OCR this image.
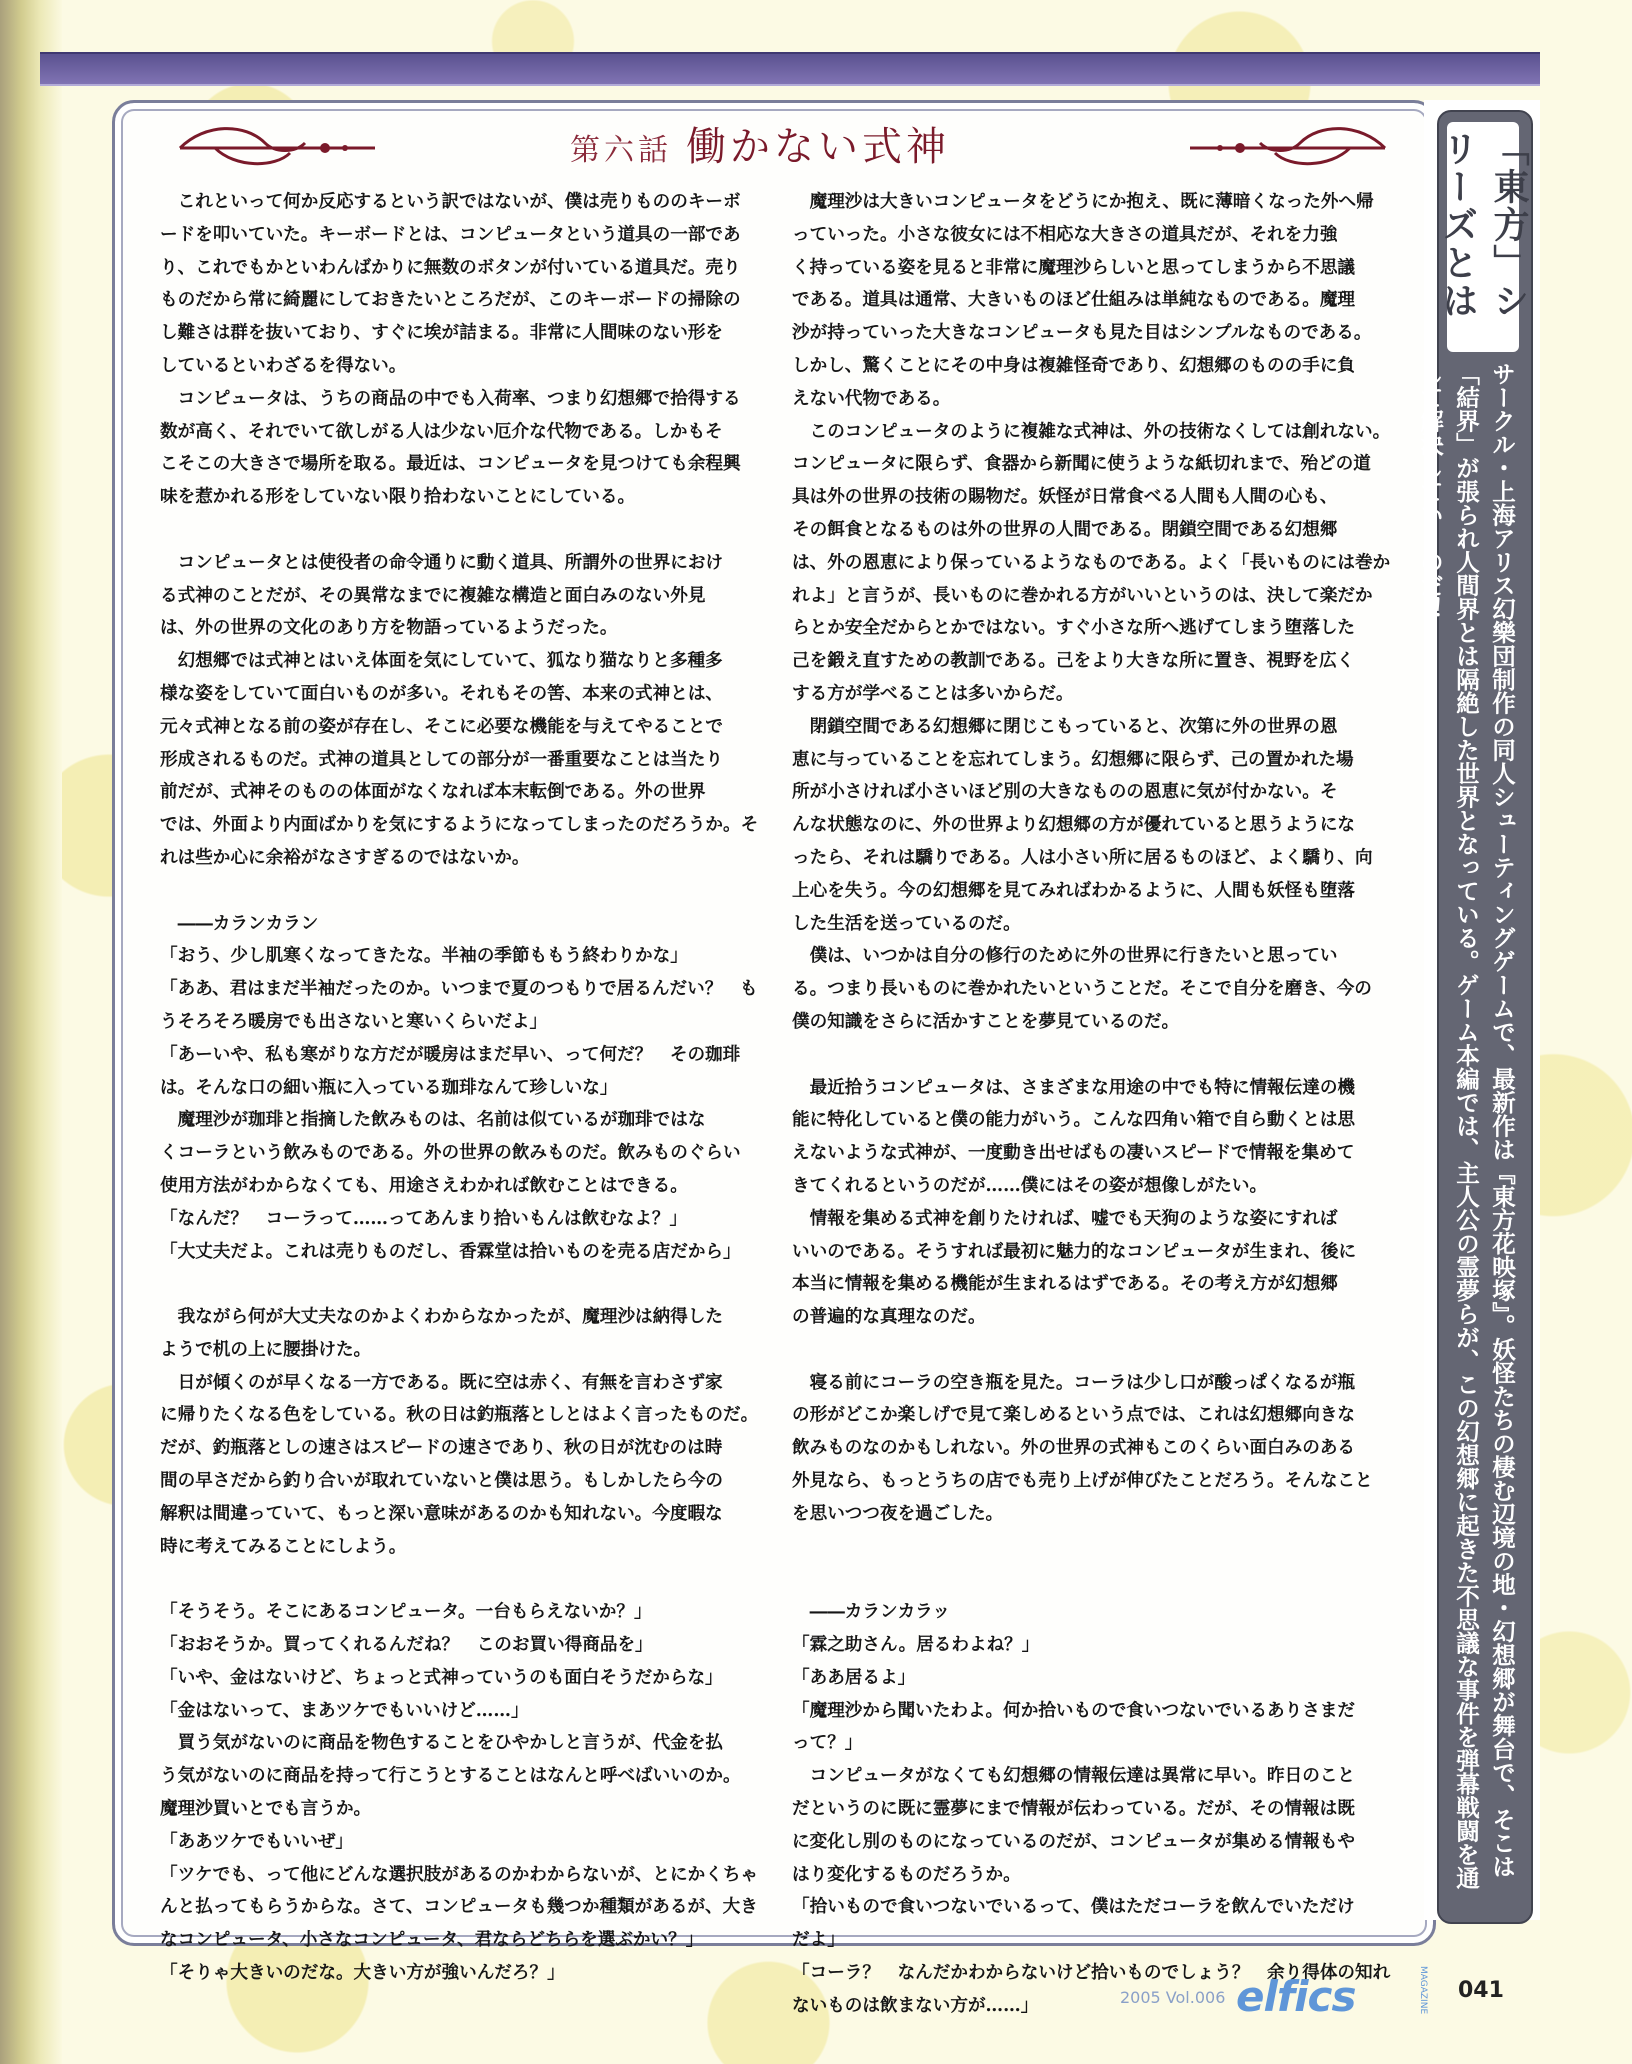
第六話 働かない式神

これといって何か反応するという訳ではないが、僕は売りもののキーボ

ードを叩いていた。キーボードとは、コンピュータという道具の一部であ

り、これでもかといわんばかりに無数のボタンが付いている道具だ。売り

ものだから常に綺麗にしておきたいところだが、このキーボードの掃除の

し難さは群を抜いており、すぐに埃が詰まる。非常に人間味のない形を

しているといわざるを得ない。

コンピュータは、うちの商品の中でも入荷率、つまり幻想郷で拾得する

数が高く、それでいて欲しがる人は少ない厄介な代物である。しかもそ

こそこの大きさで場所を取る。最近は、コンピュータを見つけても余程興

味を惹かれる形をしていない限り拾わないことにしている。

コンピュータとは使役者の命令通りに動く道具、所謂外の世界におけ

る式神のことだが、その異常なまでに複雑な構造と面白みのない外見

は、外の世界の文化のあり方を物語っているようだった。

幻想郷では式神とはいえ体面を気にしていて、狐なり猫なりと多種多

様な姿をしていて面白いものが多い。それもその筈、本来の式神とは、

元々式神となる前の姿が存在し、そこに必要な機能を与えてやることで

形成されるものだ。式神の道具としての部分が一番重要なことは当たり

前だが、式神そのものの体面がなくなれば本末転倒である。外の世界

では、外面より内面ばかりを気にするようになってしまったのだろうか。そ

れは些か心に余裕がなさすぎるのではないか。

――カランカラン

「おう、少し肌寒くなってきたな。半袖の季節ももう終わりかな」

「ああ、君はまだ半袖だったのか。いつまで夏のつもりで居るんだい？　も

うそろそろ暖房でも出さないと寒いくらいだよ」

「あーいや、私も寒がりな方だが暖房はまだ早い、って何だ？　その珈琲

は。そんな口の細い瓶に入っている珈琲なんて珍しいな」

魔理沙が珈琲と指摘した飲みものは、名前は似ているが珈琲ではな

くコーラという飲みものである。外の世界の飲みものだ。飲みものぐらい

使用方法がわからなくても、用途さえわかれば飲むことはできる。

「なんだ？　コーラって……ってあんまり拾いもんは飲むなよ？」

「大丈夫だよ。これは売りものだし、香霖堂は拾いものを売る店だから」

我ながら何が大丈夫なのかよくわからなかったが、魔理沙は納得した

ようで机の上に腰掛けた。

日が傾くのが早くなる一方である。既に空は赤く、有無を言わさず家

に帰りたくなる色をしている。秋の日は釣瓶落としとはよく言ったものだ。

だが、釣瓶落としの速さはスピードの速さであり、秋の日が沈むのは時

間の早さだから釣り合いが取れていないと僕は思う。もしかしたら今の

解釈は間違っていて、もっと深い意味があるのかも知れない。今度暇な

時に考えてみることにしよう。

「そうそう。そこにあるコンピュータ。一台もらえないか？」

「おおそうか。買ってくれるんだね？　このお買い得商品を」

「いや、金はないけど、ちょっと式神っていうのも面白そうだからな」

「金はないって、まあツケでもいいけど……」

買う気がないのに商品を物色することをひやかしと言うが、代金を払

う気がないのに商品を持って行こうとすることはなんと呼べばいいのか。

魔理沙買いとでも言うか。

「ああツケでもいいぜ」

「ツケでも、って他にどんな選択肢があるのかわからないが、とにかくちゃ

んと払ってもらうからな。さて、コンピュータも幾つか種類があるが、大き

なコンピュータ、小さなコンピュータ、君ならどちらを選ぶかい？」

「そりゃ大きいのだな。大きい方が強いんだろ？」

魔理沙は大きいコンピュータをどうにか抱え、既に薄暗くなった外へ帰

っていった。小さな彼女には不相応な大きさの道具だが、それを力強

く持っている姿を見ると非常に魔理沙らしいと思ってしまうから不思議

である。道具は通常、大きいものほど仕組みは単純なものである。魔理

沙が持っていった大きなコンピュータも見た目はシンプルなものである。

しかし、驚くことにその中身は複雑怪奇であり、幻想郷のものの手に負

えない代物である。

このコンピュータのように複雑な式神は、外の技術なくしては創れない。

コンピュータに限らず、食器から新聞に使うような紙切れまで、殆どの道

具は外の世界の技術の賜物だ。妖怪が日常食べる人間も人間の心も、

その餌食となるものは外の世界の人間である。閉鎖空間である幻想郷

は、外の恩恵により保っているようなものである。よく「長いものには巻か

れよ」と言うが、長いものに巻かれる方がいいというのは、決して楽だか

らとか安全だからとかではない。すぐ小さな所へ逃げてしまう堕落した

己を鍛え直すための教訓である。己をより大きな所に置き、視野を広く

する方が学べることは多いからだ。

閉鎖空間である幻想郷に閉じこもっていると、次第に外の世界の恩

恵に与っていることを忘れてしまう。幻想郷に限らず、己の置かれた場

所が小さければ小さいほど別の大きなものの恩恵に気が付かない。そ

んな状態なのに、外の世界より幻想郷の方が優れていると思うようにな

ったら、それは驕りである。人は小さい所に居るものほど、よく驕り、向

上心を失う。今の幻想郷を見てみればわかるように、人間も妖怪も堕落

した生活を送っているのだ。

僕は、いつかは自分の修行のために外の世界に行きたいと思ってい

る。つまり長いものに巻かれたいということだ。そこで自分を磨き、今の

僕の知識をさらに活かすことを夢見ているのだ。

最近拾うコンピュータは、さまざまな用途の中でも特に情報伝達の機

能に特化していると僕の能力がいう。こんな四角い箱で自ら動くとは思

えないような式神が、一度動き出せばもの凄いスピードで情報を集めて

きてくれるというのだが……僕にはその姿が想像しがたい。

情報を集める式神を創りたければ、嘘でも天狗のような姿にすれば

いいのである。そうすれば最初に魅力的なコンピュータが生まれ、後に

本当に情報を集める機能が生まれるはずである。その考え方が幻想郷

の普遍的な真理なのだ。

寝る前にコーラの空き瓶を見た。コーラは少し口が酸っぱくなるが瓶

の形がどこか楽しげで見て楽しめるという点では、これは幻想郷向きな

飲みものなのかもしれない。外の世界の式神もこのくらい面白みのある

外見なら、もっとうちの店でも売り上げが伸びたことだろう。そんなこと

を思いつつ夜を過ごした。

――カランカラッ

「霖之助さん。居るわよね？」

「ああ居るよ」

「魔理沙から聞いたわよ。何か拾いもので食いつないでいるありさまだ

って？」

コンピュータがなくても幻想郷の情報伝達は異常に早い。昨日のこと

だというのに既に霊夢にまで情報が伝わっている。だが、その情報は既

に変化し別のものになっているのだが、コンピュータが集める情報もや

はり変化するものだろうか。

「拾いもので食いつないでいるって、僕はただコーラを飲んでいただけ

だよ」

「コーラ？　なんだかわからないけど拾いものでしょう？　余り得体の知れ

ないものは飲まない方が……」

「東方」シリーズとは
サークル・上海アリス幻樂団制作の同人シューティングゲームで、最新作は『東方花映塚』。妖怪たちの棲む辺境の地・幻想郷が舞台で、そこは「結界」が張られ人間界とは隔絶した世界となっている。ゲーム本編では、主人公の霊夢らが、この幻想郷に起きた不思議な事件を弾幕戦闘を通して解決していくのだ！
2005 Vol.006 elfics	MAGAZINE 041
